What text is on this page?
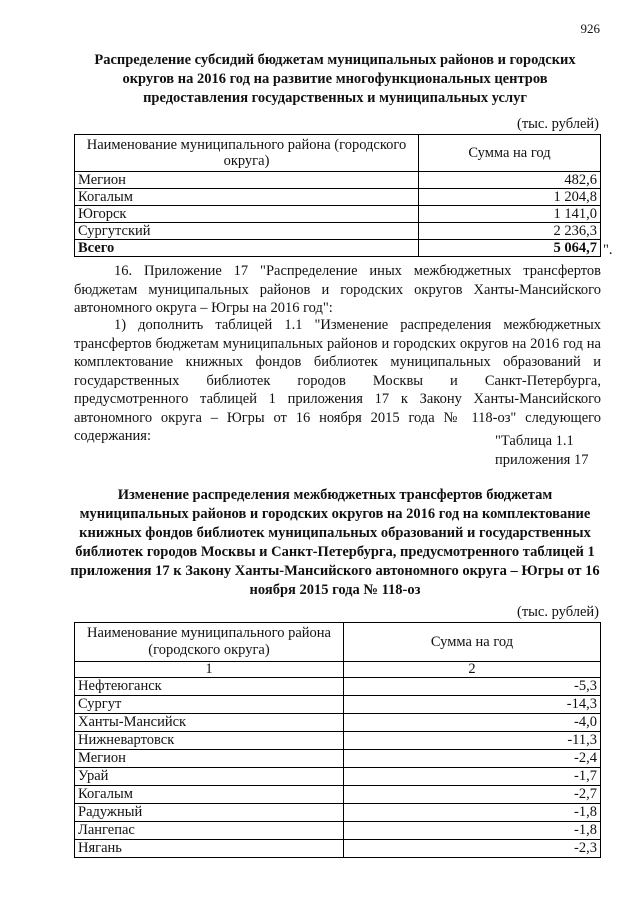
926
Распределение субсидий бюджетам муниципальных районов и городских округов на 2016 год на развитие многофункциональных центров предоставления государственных и муниципальных услуг
(тыс. рублей)
Наименование муниципального района (городского округа)	Сумма на год
Мегион	482,6
Когалым	1 204,8
Югорск	1 141,0
Сургутский	2 236,3
Всего	5 064,7 ".
16. Приложение 17 "Распределение иных межбюджетных трансфертов бюджетам муниципальных районов и городских округов Ханты-Мансийского автономного округа – Югры на 2016 год":
1) дополнить таблицей 1.1 "Изменение распределения межбюджетных трансфертов бюджетам муниципальных районов и городских округов на 2016 год на комплектование книжных фондов библиотек муниципальных образований и государственных библиотек городов Москвы и Санкт-Петербурга, предусмотренного таблицей 1 приложения 17 к Закону Ханты-Мансийского автономного округа – Югры от 16 ноября 2015 года № 118-оз" следующего содержания:	"Таблица 1.1
приложения 17
Изменение распределения межбюджетных трансфертов бюджетам муниципальных районов и городских округов на 2016 год на комплектование книжных фондов библиотек муниципальных образований и государственных библиотек городов Москвы и Санкт-Петербурга, предусмотренного таблицей 1 приложения 17 к Закону Ханты-Мансийского автономного округа – Югры от 16 ноября 2015 года № 118-оз
(тыс. рублей)
Наименование муниципального района (городского округа)	Сумма на год
1	2
Нефтеюганск	-5,3
Сургут	-14,3
Ханты-Мансийск	-4,0
Нижневартовск	-11,3
Мегион	-2,4
Урай	-1,7
Когалым	-2,7
Радужный	-1,8
Лангепас	-1,8
Нягань	-2,3
